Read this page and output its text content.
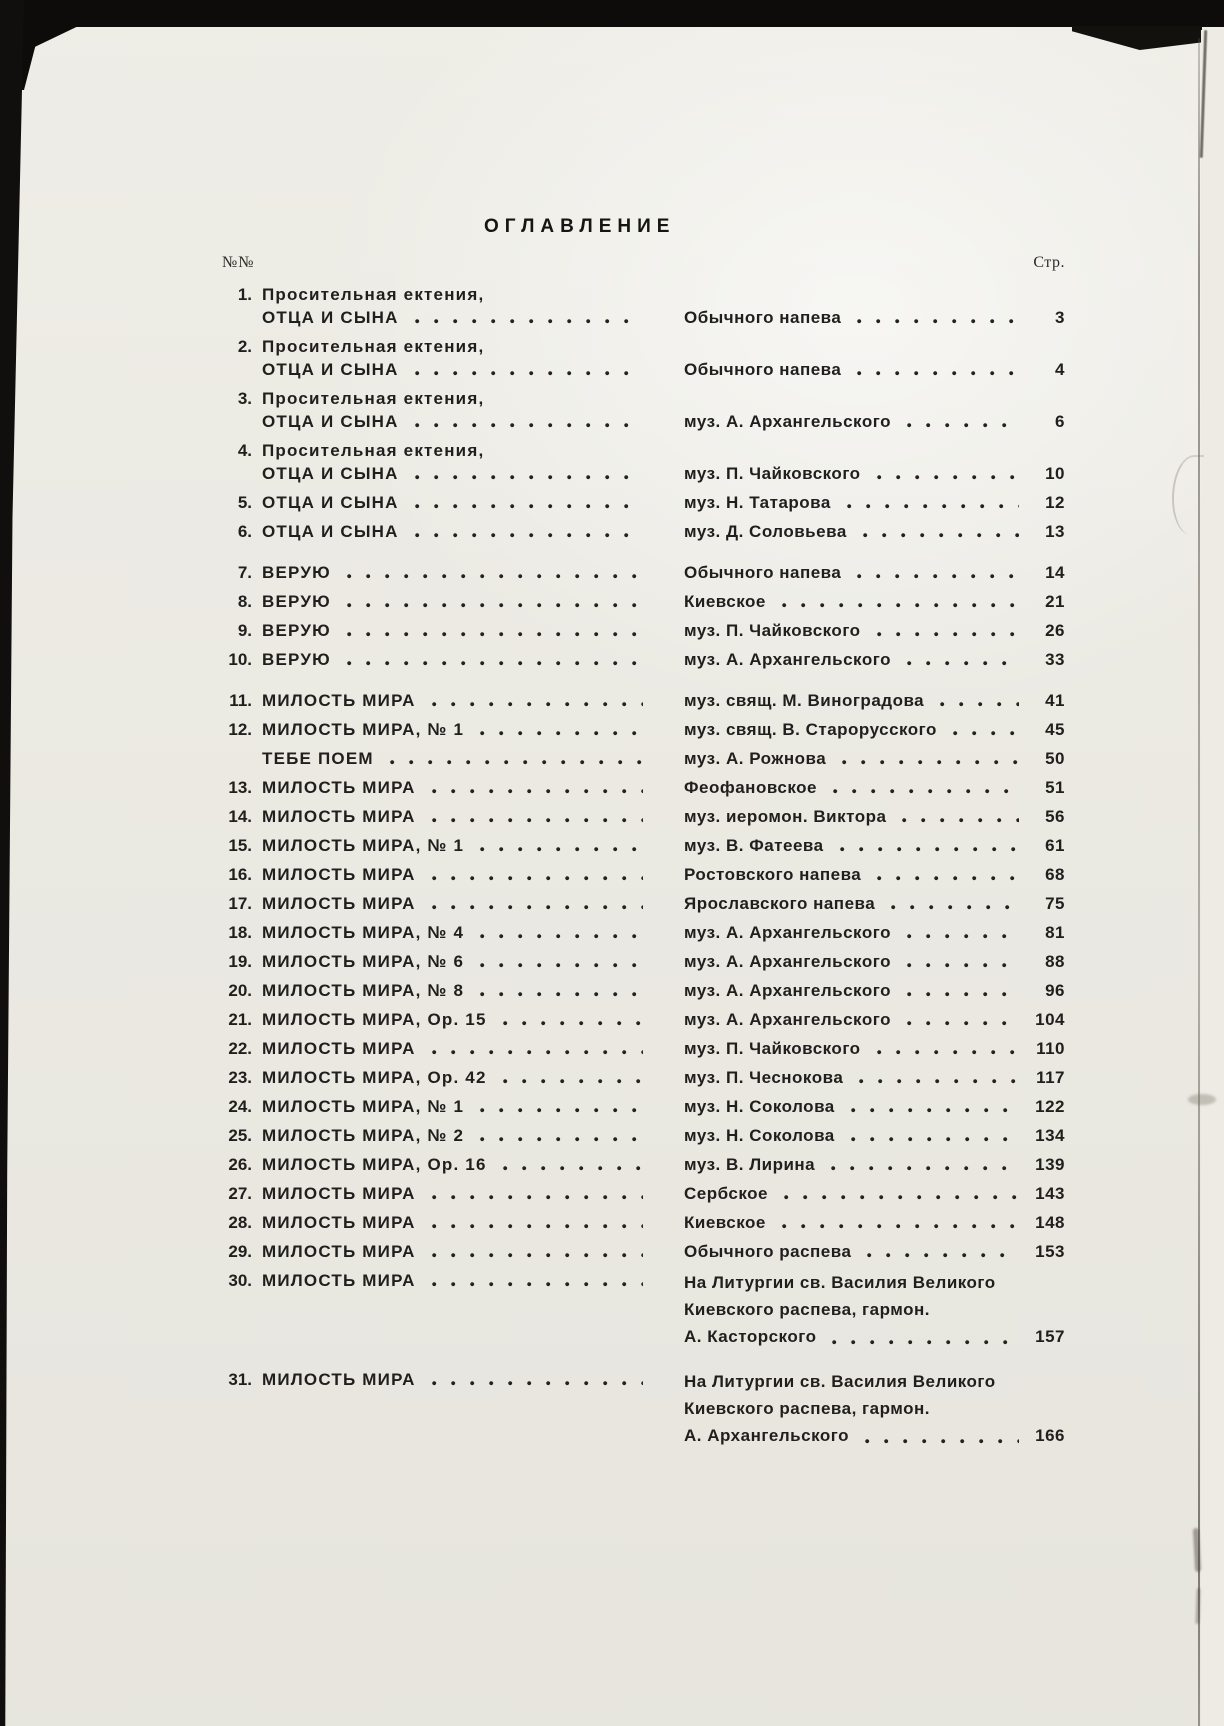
ОГЛАВЛЕНИЕ
№№	Стр.
1. Просительная ектения,
ОТЦА И СЫНА	Обычного напева	3
2. Просительная ектения,
ОТЦА И СЫНА	Обычного напева	4
3. Просительная ектения,
ОТЦА И СЫНА	муз. А. Архангельского	6
4. Просительная ектения,
ОТЦА И СЫНА	муз. П. Чайковского	10
5. ОТЦА И СЫНА	муз. Н. Татарова	12
6. ОТЦА И СЫНА	муз. Д. Соловьева	13
7. ВЕРУЮ	Обычного напева	14
8. ВЕРУЮ	Киевское	21
9. ВЕРУЮ	муз. П. Чайковского	26
10. ВЕРУЮ	муз. А. Архангельского	33
11. МИЛОСТЬ МИРА	муз. свящ. М. Виноградова	41
12. МИЛОСТЬ МИРА, № 1	муз. свящ. В. Старорусского	45
ТЕБЕ ПОЕМ	муз. А. Рожнова	50
13. МИЛОСТЬ МИРА	Феофановское	51
14. МИЛОСТЬ МИРА	муз. иеромон. Виктора	56
15. МИЛОСТЬ МИРА, № 1	муз. В. Фатеева	61
16. МИЛОСТЬ МИРА	Ростовского напева	68
17. МИЛОСТЬ МИРА	Ярославского напева	75
18. МИЛОСТЬ МИРА, № 4	муз. А. Архангельского	81
19. МИЛОСТЬ МИРА, № 6	муз. А. Архангельского	88
20. МИЛОСТЬ МИРА, № 8	муз. А. Архангельского	96
21. МИЛОСТЬ МИРА, Ор. 15	муз. А. Архангельского	104
22. МИЛОСТЬ МИРА	муз. П. Чайковского	110
23. МИЛОСТЬ МИРА, Ор. 42	муз. П. Чеснокова	117
24. МИЛОСТЬ МИРА, № 1	муз. Н. Соколова	122
25. МИЛОСТЬ МИРА, № 2	муз. Н. Соколова	134
26. МИЛОСТЬ МИРА, Ор. 16	муз. В. Лирина	139
27. МИЛОСТЬ МИРА	Сербское	143
28. МИЛОСТЬ МИРА	Киевское	148
29. МИЛОСТЬ МИРА	Обычного распева	153
30. МИЛОСТЬ МИРА	На Литургии св. Василия Великого
Киевского распева, гармон.
А. Касторского	157
31. МИЛОСТЬ МИРА	На Литургии св. Василия Великого
Киевского распева, гармон.
А. Архангельского	166
